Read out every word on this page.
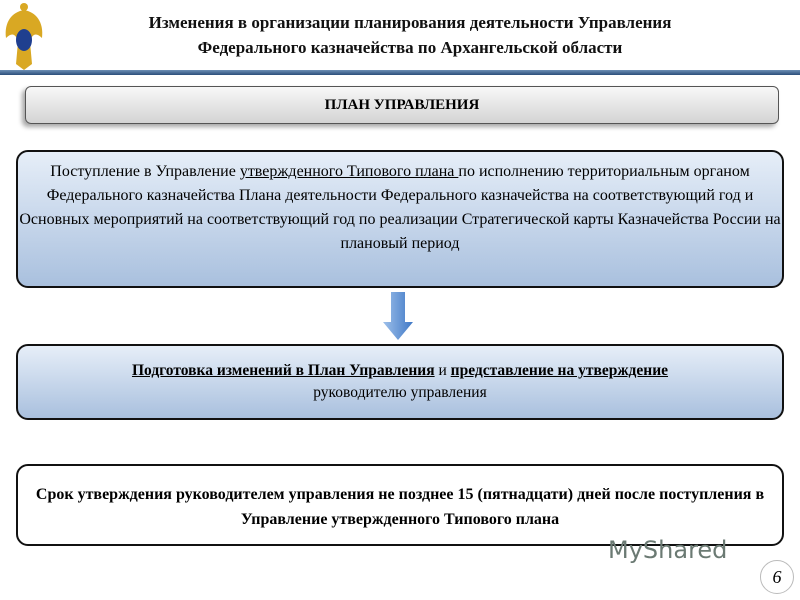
Изменения в организации планирования деятельности Управления
Федерального казначейства по Архангельской области
ПЛАН УПРАВЛЕНИЯ
Поступление в Управление утвержденного Типового плана по исполнению территориальным органом Федерального казначейства Плана деятельности Федерального казначейства на соответствующий год и Основных мероприятий на соответствующий год по реализации Стратегической карты Казначейства России на плановый период
Подготовка изменений в План Управления и представление на утверждение
руководителю управления
Срок утверждения руководителем управления не позднее 15 (пятнадцати) дней после поступления в Управление утвержденного Типового плана
MyShared
6
